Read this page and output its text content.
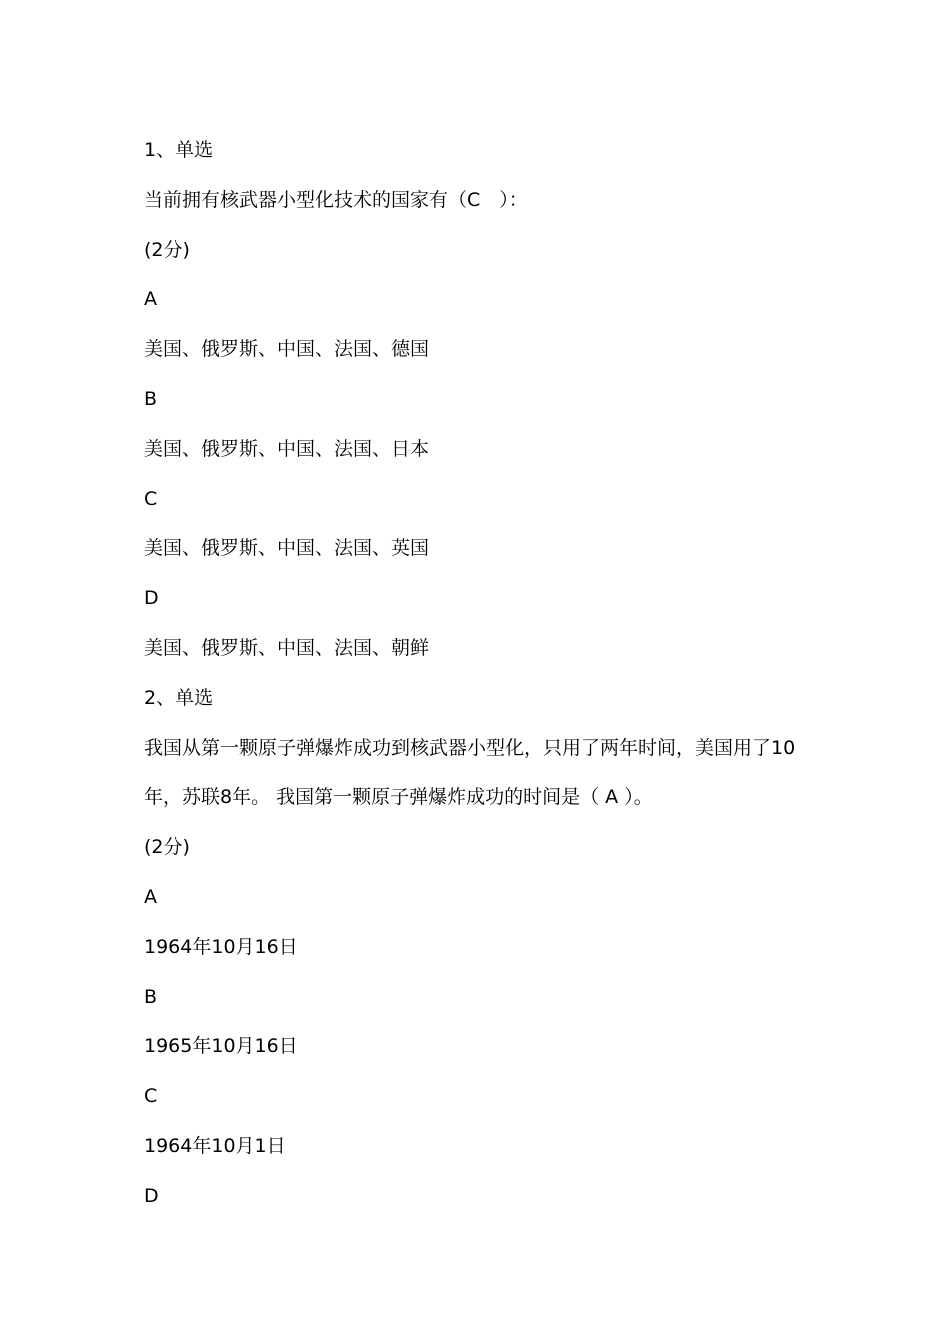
1、单选
当前拥有核武器小型化技术的国家有（C　）：
(2分)
A
美国、俄罗斯、中国、法国、德国
B
美国、俄罗斯、中国、法国、日本
C
美国、俄罗斯、中国、法国、英国
D
美国、俄罗斯、中国、法国、朝鲜
2、单选
我国从第一颗原子弹爆炸成功到核武器小型化，只用了两年时间，美国用了10
年，苏联8年。 我国第一颗原子弹爆炸成功的时间是（ A ）。
(2分)
A
1964年10月16日
B
1965年10月16日
C
1964年10月1日
D
